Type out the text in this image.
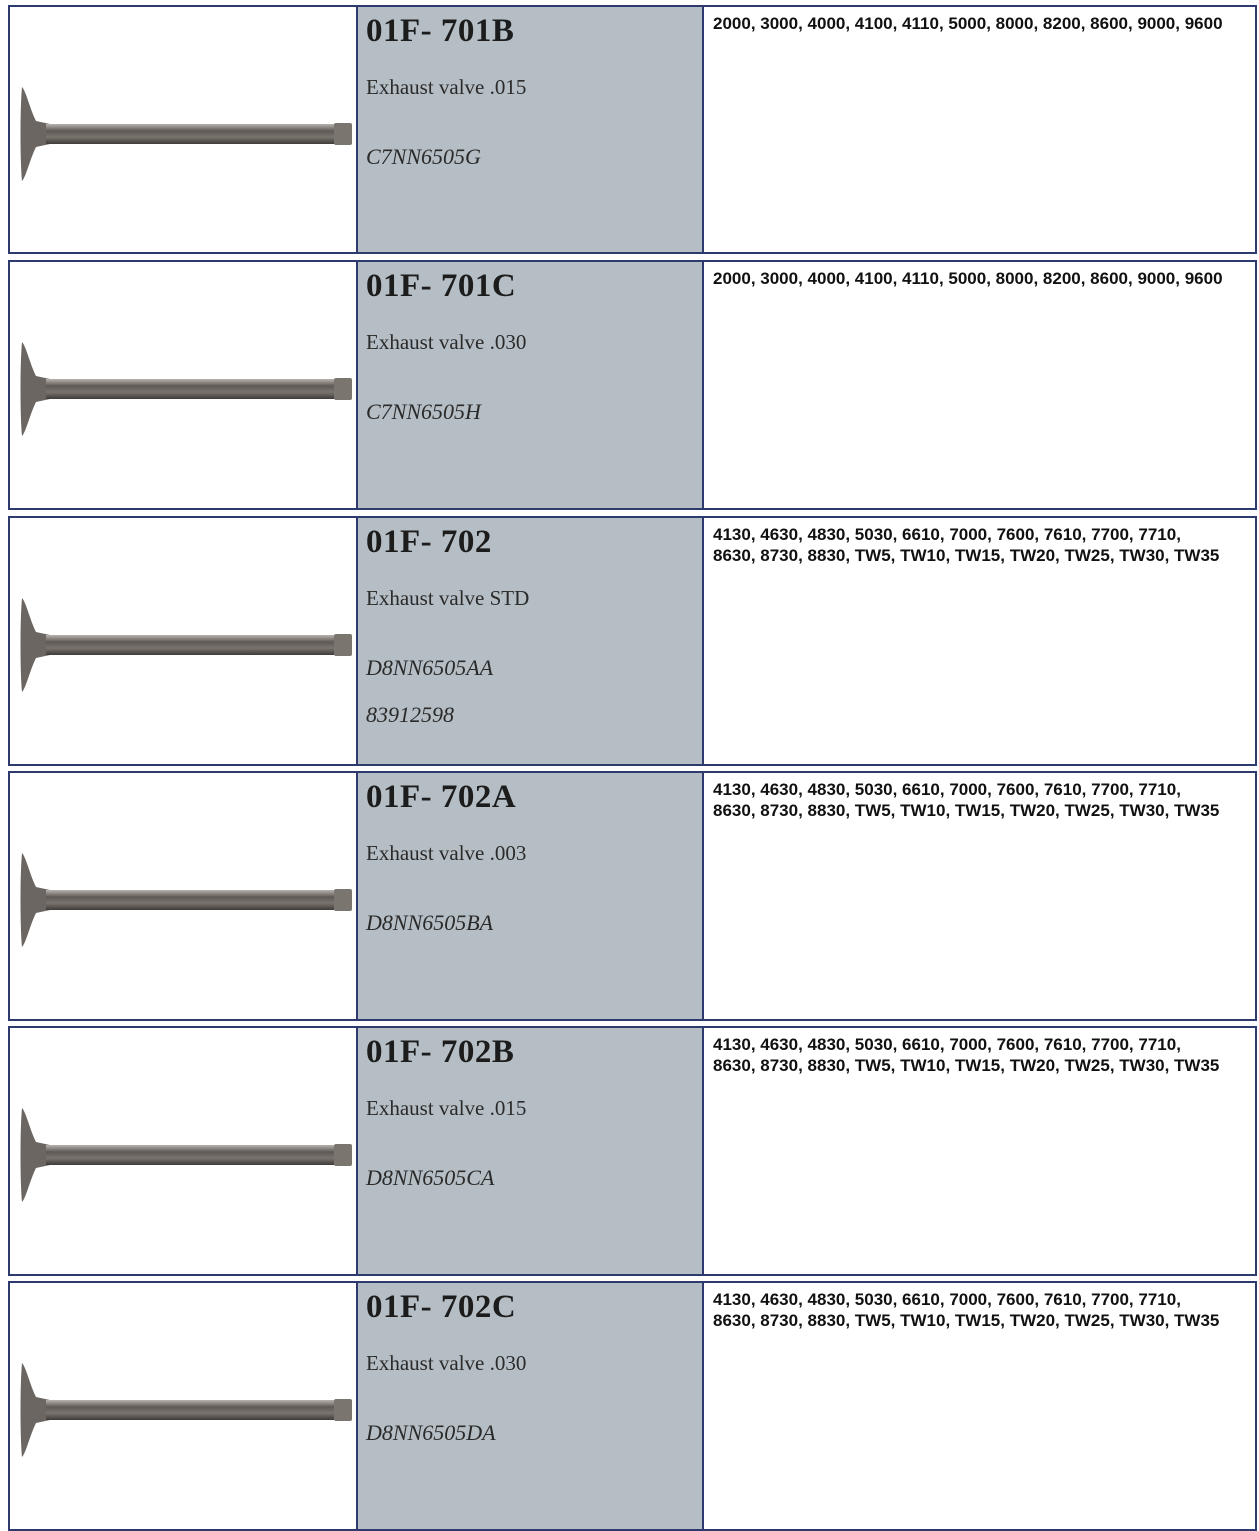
01F- 701B
Exhaust valve .015
C7NN6505G
2000, 3000, 4000, 4100, 4110, 5000, 8000, 8200, 8600, 9000, 9600
01F- 701C
Exhaust valve .030
C7NN6505H
2000, 3000, 4000, 4100, 4110, 5000, 8000, 8200, 8600, 9000, 9600
01F- 702
Exhaust valve STD
D8NN6505AA
83912598
4130, 4630, 4830, 5030, 6610, 7000, 7600, 7610, 7700, 7710, 8630, 8730, 8830, TW5, TW10, TW15, TW20, TW25, TW30, TW35
01F- 702A
Exhaust valve .003
D8NN6505BA
4130, 4630, 4830, 5030, 6610, 7000, 7600, 7610, 7700, 7710, 8630, 8730, 8830, TW5, TW10, TW15, TW20, TW25, TW30, TW35
01F- 702B
Exhaust valve .015
D8NN6505CA
4130, 4630, 4830, 5030, 6610, 7000, 7600, 7610, 7700, 7710, 8630, 8730, 8830, TW5, TW10, TW15, TW20, TW25, TW30, TW35
01F- 702C
Exhaust valve .030
D8NN6505DA
4130, 4630, 4830, 5030, 6610, 7000, 7600, 7610, 7700, 7710, 8630, 8730, 8830, TW5, TW10, TW15, TW20, TW25, TW30, TW35
